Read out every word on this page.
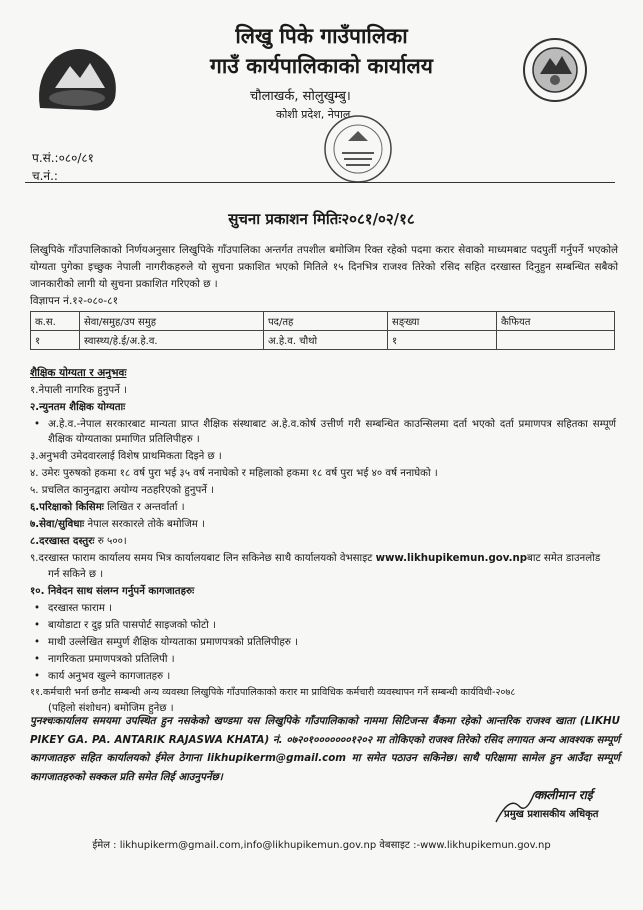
लिखु पिके गाउँपालिका
गाउँ कार्यपालिकाको कार्यालय
चौलाखर्क, सोलुखुम्बु।
कोशी प्रदेश, नेपाल
प.सं.:०८०/८१
च.नं.:
सुचना प्रकाशन मितिः२०८१/०२/१८
लिखुपिके गाँउपालिकाको निर्णयअनुसार लिखुपिके गाँउपालिका अन्तर्गत तपशील बमोजिम रिक्त रहेको पदमा करार सेवाको माध्यमबाट पदपुर्ती गर्नुपर्ने भएकोले योग्यता पुगेका इच्छुक नेपाली नागरीकहरुले यो सुचना प्रकाशित भएको मितिले १५ दिनभित्र राजश्व तिरेको रसिद सहित दरखास्त दिनुहुन सम्बन्धित सबैको जानकारीको लागी यो सुचना प्रकाशित गरिएको छ ।
विज्ञापन नं.१२-०८०-८१
क.स.	सेवा/समुह/उप समुह	पद/तह	सङ्ख्या	कैफियत
१	स्वास्थ्य/हे.ई/अ.हे.व.	अ.हे.व. चौथो	१	
शैक्षिक योग्यता र अनुभवः
१.नेपाली नागरिक हुनुपर्ने ।
२.न्युनतम शैक्षिक योग्यताः
• अ.हे.व.-नेपाल सरकारबाट मान्यता प्राप्त शैक्षिक संस्थाबाट अ.हे.व.कोर्ष उत्तीर्ण गरी सम्बन्धित काउन्सिलमा दर्ता भएको दर्ता प्रमाणपत्र सहितका सम्पूर्ण शैक्षिक योग्यताका प्रमाणित प्रतिलिपीहरु ।
३.अनुभवी उमेदवारलाई विशेष प्राथमिकता दिइने छ ।
४. उमेरः पुरुषको हकमा १८ वर्ष पुरा भई ३५ वर्ष ननाघेको र महिलाको हकमा १८ वर्ष पुरा भई ४० वर्ष ननाघेको ।
५. प्रचलित कानुनद्वारा अयोग्य नठहरिएको हुनुपर्ने ।
६.परिक्षाको किसिमः लिखित र अन्तर्वार्ता ।
७.सेवा/सुविधाः नेपाल सरकारले तोके बमोजिम ।
८.दरखास्त दस्तुरः रु ५००।
९.दरखास्त फाराम कार्यालय समय भित्र कार्यालयबाट लिन सकिनेछ साथै कार्यालयको वेभसाइट www.likhupikemun.gov.npबाट समेत डाउनलोड
गर्न सकिने छ ।
१०. निवेदन साथ संलग्न गर्नुपर्ने कागजातहरुः
• दरखास्त फाराम ।
• बायोडाटा र दुइ प्रति पासपोर्ट साइजको फोटो ।
• माथी उल्लेखित सम्पुर्ण शैक्षिक योग्यताका प्रमाणपत्रको प्रतिलिपीहरु ।
• नागरिकता प्रमाणपत्रको प्रतिलिपी ।
• कार्य अनुभव खुल्ने कागजातहरु ।
११.कर्मचारी भर्ना छनौट सम्बन्धी अन्य व्यवस्था लिखुपिके गाँउपालिकाको करार मा प्राविधिक कर्मचारी व्यवस्थापन गर्ने सम्बन्धी कार्यविधी-२०७८
(पहिलो संशोधन) बमोजिम हुनेछ ।
पुनश्चःकार्यालय समयमा उपस्थित हुन नसकेको खण्डमा यस लिखुपिके गाँउपालिकाको नाममा सिटिजन्स बैंकमा रहेको आन्तरिक राजश्व खाता (LIKHU PIKEY GA. PA. ANTARIK RAJASWA KHATA) नं. ०७२०१०००००००१२०२ मा तोकिएको राजश्व तिरेको रसिद लगायत अन्य आवश्यक सम्पूर्ण कागजातहरु सहित कार्यालयको ईमेल ठेगाना likhupikerm@gmail.com मा समेत पठाउन सकिनेछ। साथै परिक्षामा सामेल हुन आउँदा सम्पूर्ण कागजातहरुको सक्कल प्रति समेत लिई आउनुपर्नेछ।
कालीमान राई
प्रमुख प्रशासकीय अधिकृत
ईमेल : likhupikerm@gmail.com,info@likhupikemun.gov.np वेबसाइट :-www.likhupikemun.gov.np
